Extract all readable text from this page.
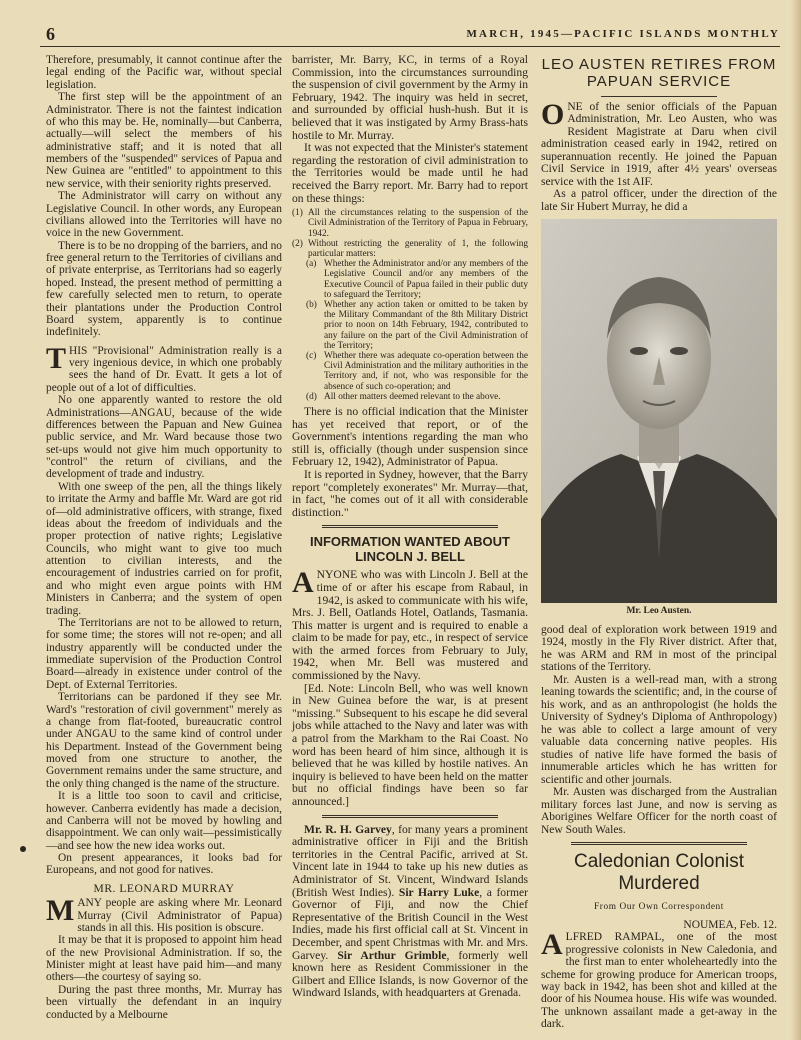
6	MARCH, 1945—PACIFIC ISLANDS MONTHLY

Therefore, presumably, it cannot continue after the legal ending of the Pacific war, without special legislation.

The first step will be the appointment of an Administrator. There is not the faintest indication of who this may be. He, nominally—but Canberra, actually—will select the members of his administrative staff; and it is noted that all members of the "suspended" services of Papua and New Guinea are "entitled" to appointment to this new service, with their seniority rights preserved.

The Administrator will carry on without any Legislative Council. In other words, any European civilians allowed into the Territories will have no voice in the new Government.

There is to be no dropping of the barriers, and no free general return to the Territories of civilians and of private enterprise, as Territorians had so eagerly hoped. Instead, the present method of permitting a few carefully selected men to return, to operate their plantations under the Production Control Board system, apparently is to continue indefinitely.

THIS "Provisional" Administration really is a very ingenious device, in which one probably sees the hand of Dr. Evatt. It gets a lot of people out of a lot of difficulties.

No one apparently wanted to restore the old Administrations—ANGAU, because of the wide differences between the Papuan and New Guinea public service, and Mr. Ward because those two set-ups would not give him much opportunity to "control" the return of civilians, and the development of trade and industry.

With one sweep of the pen, all the things likely to irritate the Army and baffle Mr. Ward are got rid of—old administrative officers, with strange, fixed ideas about the freedom of individuals and the proper protection of native rights; Legislative Councils, who might want to give too much attention to civilian interests, and the encouragement of industries carried on for profit, and who might even argue points with HM Ministers in Canberra; and the system of open trading.

The Territorians are not to be allowed to return, for some time; the stores will not re-open; and all industry apparently will be conducted under the immediate supervision of the Production Control Board—already in existence under control of the Dept. of External Territories.

Territorians can be pardoned if they see Mr. Ward's "restoration of civil government" merely as a change from flat-footed, bureaucratic control under ANGAU to the same kind of control under his Department. Instead of the Government being moved from one structure to another, the Government remains under the same structure, and the only thing changed is the name of the structure.

It is a little too soon to cavil and criticise, however. Canberra evidently has made a decision, and Canberra will not be moved by howling and disappointment. We can only wait—pessimistically—and see how the new idea works out.

On present appearances, it looks bad for Europeans, and not good for natives.

MR. LEONARD MURRAY

MANY people are asking where Mr. Leonard Murray (Civil Administrator of Papua) stands in all this. His position is obscure.

It may be that it is proposed to appoint him head of the new Provisional Administration. If so, the Minister might at least have paid him—and many others—the courtesy of saying so.

During the past three months, Mr. Murray has been virtually the defendant in an inquiry conducted by a Melbourne

barrister, Mr. Barry, KC, in terms of a Royal Commission, into the circumstances surrounding the suspension of civil government by the Army in February, 1942. The inquiry was held in secret, and surrounded by official hush-hush. But it is believed that it was instigated by Army Brass-hats hostile to Mr. Murray.

It was not expected that the Minister's statement regarding the restoration of civil administration to the Territories would be made until he had received the Barry report. Mr. Barry had to report on these things:

(1) All the circumstances relating to the suspension of the Civil Administration of the Territory of Papua in February, 1942.
(2) Without restricting the generality of 1, the following particular matters:
(a) Whether the Administrator and/or any members of the Legislative Council and/or any members of the Executive Council of Papua failed in their public duty to safeguard the Territory;
(b) Whether any action taken or omitted to be taken by the Military Commandant of the 8th Military District prior to noon on 14th February, 1942, contributed to any failure on the part of the Civil Administration of the Territory;
(c) Whether there was adequate co-operation between the Civil Administration and the military authorities in the Territory and, if not, who was responsible for the absence of such co-operation; and
(d) All other matters deemed relevant to the above.

There is no official indication that the Minister has yet received that report, or of the Government's intentions regarding the man who still is, officially (though under suspension since February 12, 1942), Administrator of Papua.

It is reported in Sydney, however, that the Barry report "completely exonerates" Mr. Murray—that, in fact, "he comes out of it all with considerable distinction."

INFORMATION WANTED ABOUT LINCOLN J. BELL

ANYONE who was with Lincoln J. Bell at the time of or after his escape from Rabaul, in 1942, is asked to communicate with his wife, Mrs. J. Bell, Oatlands Hotel, Oatlands, Tasmania. This matter is urgent and is required to enable a claim to be made for pay, etc., in respect of service with the armed forces from February to July, 1942, when Mr. Bell was mustered and commissioned by the Navy.

[Ed. Note: Lincoln Bell, who was well known in New Guinea before the war, is at present "missing." Subsequent to his escape he did several jobs while attached to the Navy and later was with a patrol from the Markham to the Rai Coast. No word has been heard of him since, although it is believed that he was killed by hostile natives. An inquiry is believed to have been held on the matter but no official findings have been so far announced.]

Mr. R. H. Garvey, for many years a prominent administrative officer in Fiji and the British territories in the Central Pacific, arrived at St. Vincent late in 1944 to take up his new duties as Administrator of St. Vincent, Windward Islands (British West Indies). Sir Harry Luke, a former Governor of Fiji, and now the Chief Representative of the British Council in the West Indies, made his first official call at St. Vincent in December, and spent Christmas with Mr. and Mrs. Garvey. Sir Arthur Grimble, formerly well known here as Resident Commissioner in the Gilbert and Ellice Islands, is now Governor of the Windward Islands, with headquarters at Grenada.

LEO AUSTEN RETIRES FROM PAPUAN SERVICE

ONE of the senior officials of the Papuan Administration, Mr. Leo Austen, who was Resident Magistrate at Daru when civil administration ceased early in 1942, retired on superannuation recently. He joined the Papuan Civil Service in 1919, after 4½ years' overseas service with the 1st AIF.

As a patrol officer, under the direction of the late Sir Hubert Murray, he did a

Mr. Leo Austen.

good deal of exploration work between 1919 and 1924, mostly in the Fly River district. After that, he was ARM and RM in most of the principal stations of the Territory.

Mr. Austen is a well-read man, with a strong leaning towards the scientific; and, in the course of his work, and as an anthropologist (he holds the University of Sydney's Diploma of Anthropology) he was able to collect a large amount of very valuable data concerning native peoples. His studies of native life have formed the basis of innumerable articles which he has written for scientific and other journals.

Mr. Austen was discharged from the Australian military forces last June, and now is serving as Aborigines Welfare Officer for the north coast of New South Wales.

Caledonian Colonist Murdered
From Our Own Correspondent

NOUMEA, Feb. 12.

ALFRED RAMPAL, one of the most progressive colonists in New Caledonia, and the first man to enter wholeheartedly into the scheme for growing produce for American troops, way back in 1942, has been shot and killed at the door of his Noumea house. His wife was wounded. The unknown assailant made a get-away in the dark.
